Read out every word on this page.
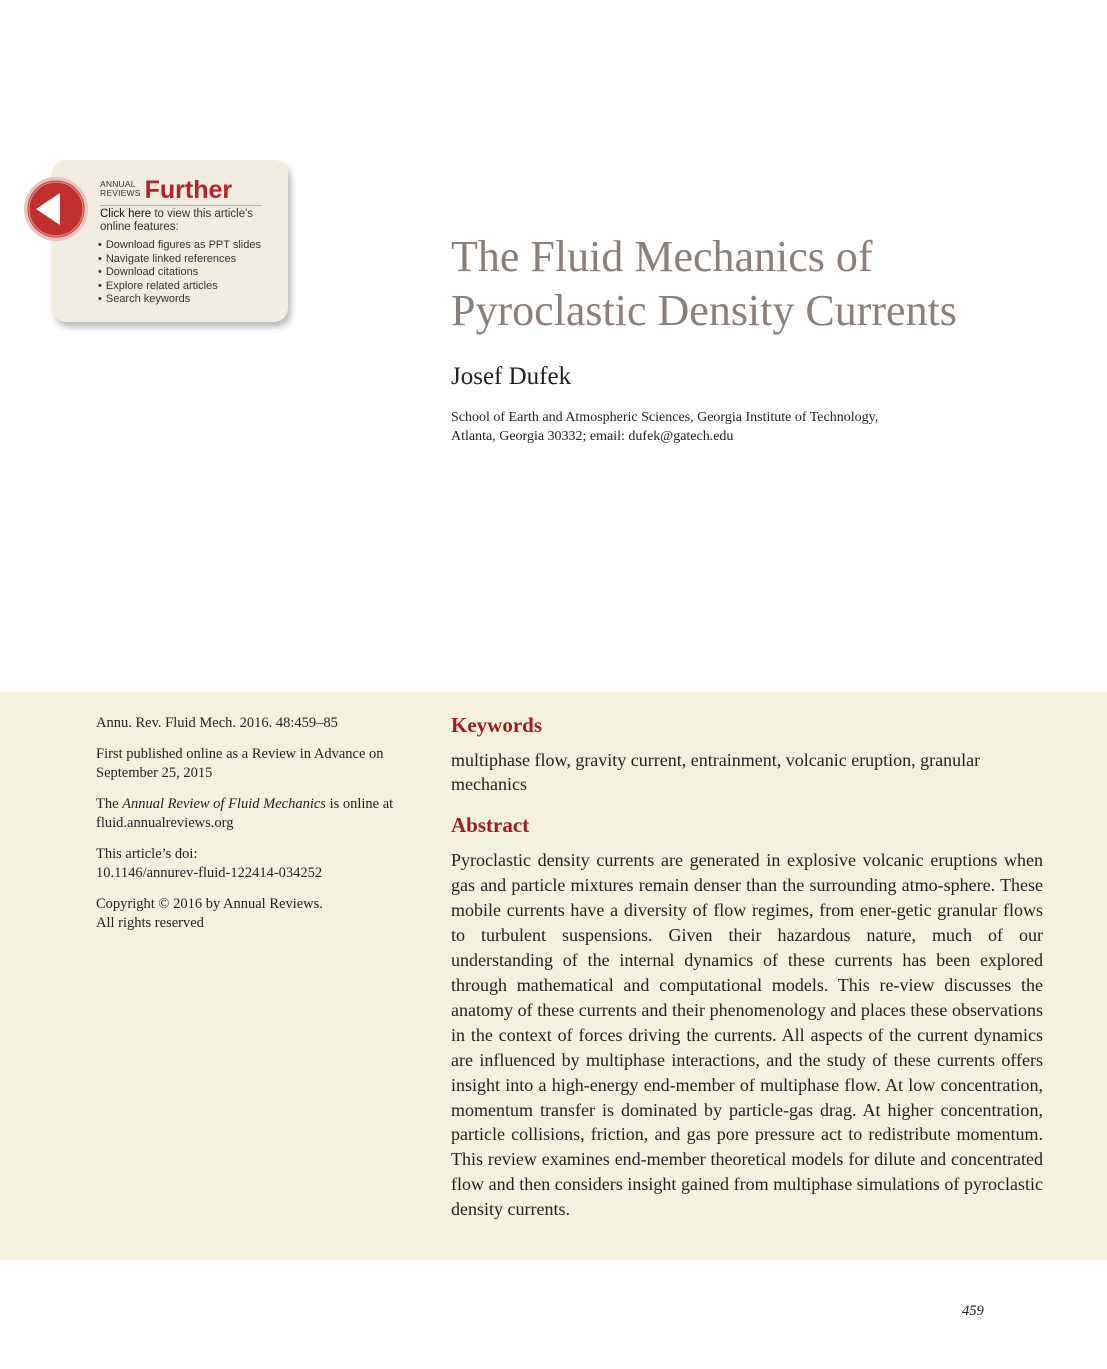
ANNUAL
REVIEWS Further
Click here to view this article's online features:
• Download figures as PPT slides
• Navigate linked references
• Download citations
• Explore related articles
• Search keywords
The Fluid Mechanics of
Pyroclastic Density Currents
Josef Dufek
School of Earth and Atmospheric Sciences, Georgia Institute of Technology,
Atlanta, Georgia 30332; email: dufek@gatech.edu

Annu. Rev. Fluid Mech. 2016. 48:459–85

First published online as a Review in Advance on September 25, 2015

The Annual Review of Fluid Mechanics is online at fluid.annualreviews.org

This article’s doi:
10.1146/annurev-fluid-122414-034252

Copyright © 2016 by Annual Reviews.
All rights reserved

Keywords
multiphase flow, gravity current, entrainment, volcanic eruption, granular mechanics
Abstract

Pyroclastic density currents are generated in explosive volcanic eruptions when gas and particle mixtures remain denser than the surrounding atmo-sphere. These mobile currents have a diversity of flow regimes, from ener-getic granular flows to turbulent suspensions. Given their hazardous nature, much of our understanding of the internal dynamics of these currents has been explored through mathematical and computational models. This re-view discusses the anatomy of these currents and their phenomenology and places these observations in the context of forces driving the currents. All aspects of the current dynamics are influenced by multiphase interactions, and the study of these currents offers insight into a high-energy end-member of multiphase flow. At low concentration, momentum transfer is dominated by particle-gas drag. At higher concentration, particle collisions, friction, and gas pore pressure act to redistribute momentum. This review examines end-member theoretical models for dilute and concentrated flow and then considers insight gained from multiphase simulations of pyroclastic density currents.

459
